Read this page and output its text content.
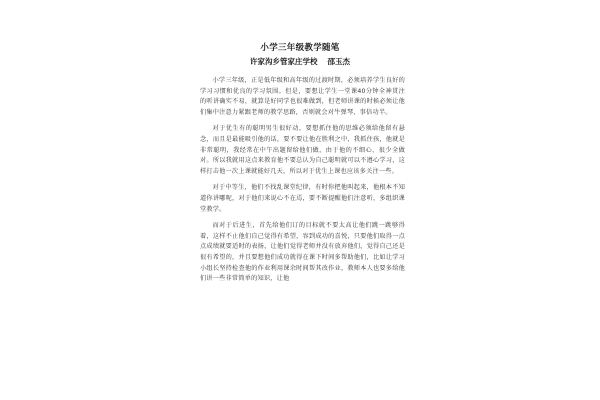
小学三年级教学随笔
许家沟乡管家庄学校 邵玉杰

小学三年级，正是低年级和高年级的过渡时期，必须培养学生良好的学习习惯和优良的学习氛围。但是，要想让学生一堂课40分钟全神贯注的听讲确实不易，就算是好同学也很难做到，但老师讲课的时候必须让他们集中注意力紧跟老师的教学思路，否则就会对牛弹琴，事倍功半。

对于优生有的聪明男生很好动，要想抓住他的思维必须给他留有悬念，而且是最能吸引他的话，要不要让他在胜利之中，我抓住孩，他就是非常聪明，我经常在中午出题留给他们做，由于他的不细心，很少全做对。所以我就用这点来教育他不要总认为自己聪明就可以不遵心学习，这样打击他一次上课就能好几天，所以对于优生上课也应该多关注一些。

对于中等生，他们不找乱课堂纪律，有时你把他叫起来，他根本不知道你讲哪呢，对于他们来说心不在焉，要不断提醒他们注意听，多组织课堂教学。

而对于后进生，首先给他们订的目标就不要太高让他们跳一跳够得着，这样不止他们自己觉得有希望，容到成功的喜悦，只要他们取得一点点成绩就要适时的表扬，让他们觉得老师并没有放弃他们，觉得自己还是很有希望的，并且要想他们成功就得在课下时间多帮助他们，比如让学习小组长坚持检查他的作业利用课余时间帮其改作业，教师本人也要多给他们讲一些非常简单的知识，让他
